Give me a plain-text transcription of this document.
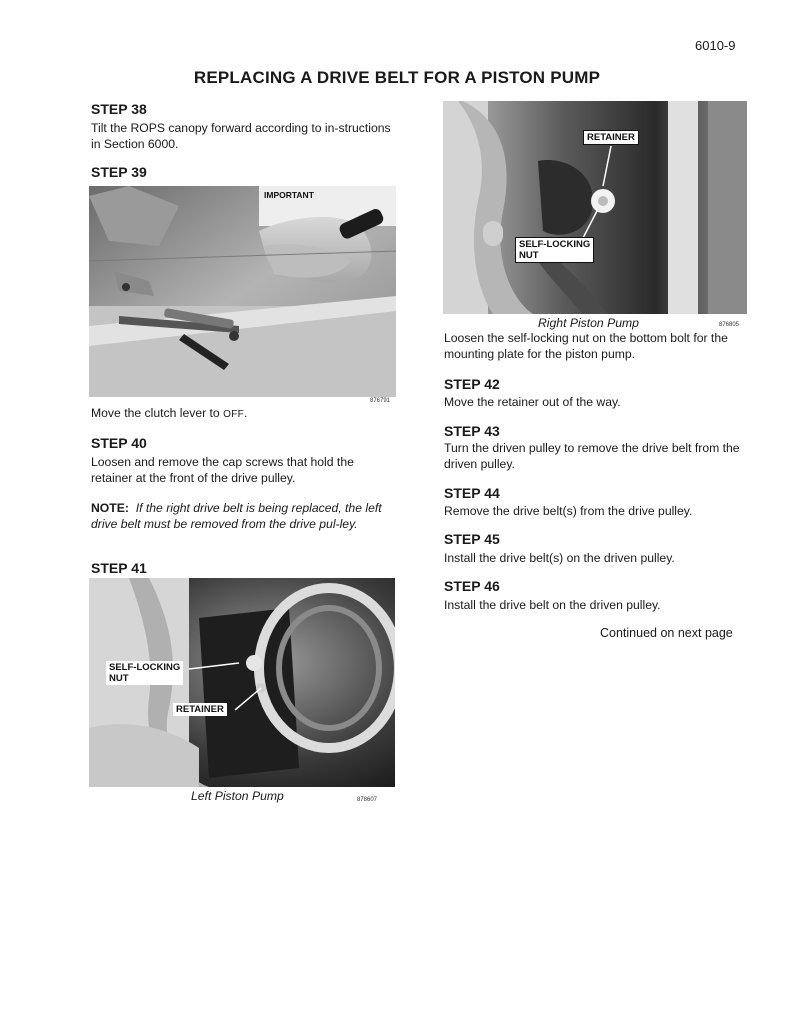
6010-9
REPLACING A DRIVE BELT FOR A PISTON PUMP
STEP 38
Tilt the ROPS canopy forward according to in-structions in Section 6000.
STEP 39
IMPORTANT
876791
Move the clutch lever to OFF.
STEP 40
Loosen and remove the cap screws that hold the retainer at the front of the drive pulley.
NOTE: If the right drive belt is being replaced, the left drive belt must be removed from the drive pul-ley.
STEP 41
SELF-LOCKING
NUT
RETAINER
Left Piston Pump	878607
RETAINER
SELF-LOCKING
NUT
Right Piston Pump	876805
Loosen the self-locking nut on the bottom bolt for the mounting plate for the piston pump.
STEP 42
Move the retainer out of the way.
STEP 43
Turn the driven pulley to remove the drive belt from the driven pulley.
STEP 44
Remove the drive belt(s) from the drive pulley.
STEP 45
Install the drive belt(s) on the driven pulley.
STEP 46
Install the drive belt on the driven pulley.
Continued on next page
